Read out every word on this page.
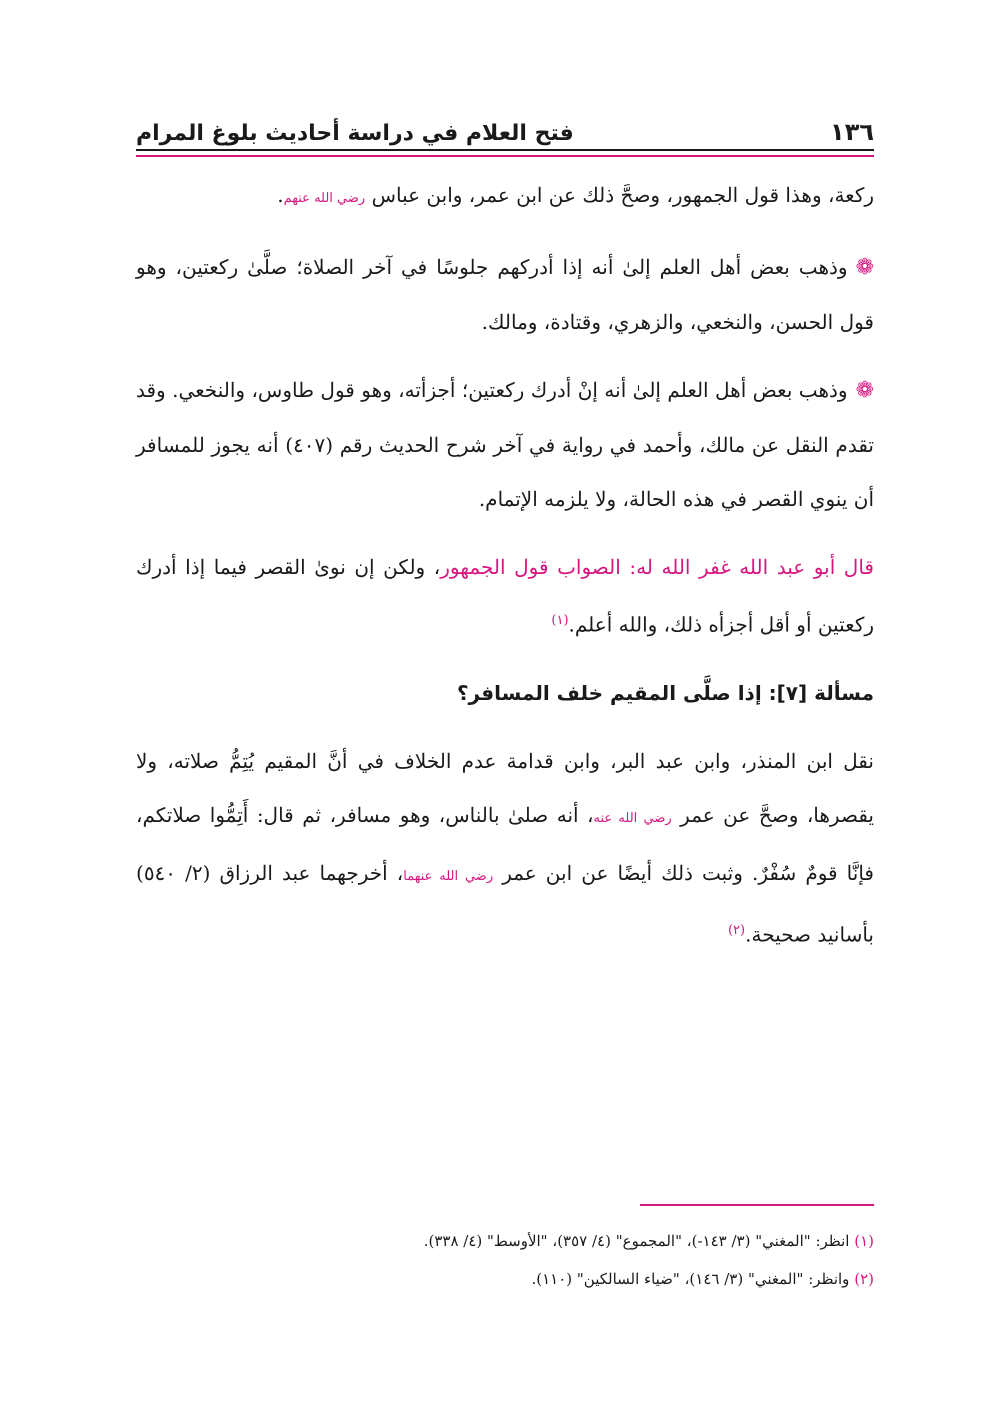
١٣٦
فتح العلام في دراسة أحاديث بلوغ المرام

ركعة، وهذا قول الجمهور، وصحَّ ذلك عن ابن عمر، وابن عباس رضي الله عنهم.

❁وذهب بعض أهل العلم إلىٰ أنه إذا أدركهم جلوسًا في آخر الصلاة؛ صلَّىٰ ركعتين، وهو قول الحسن، والنخعي، والزهري، وقتادة، ومالك.

❁وذهب بعض أهل العلم إلىٰ أنه إنْ أدرك ركعتين؛ أجزأته، وهو قول طاوس، والنخعي. وقد تقدم النقل عن مالك، وأحمد في رواية في آخر شرح الحديث رقم (٤٠٧) أنه يجوز للمسافر أن ينوي القصر في هذه الحالة، ولا يلزمه الإتمام.

قال أبو عبد الله غفر الله له: الصواب قول الجمهور، ولكن إن نوىٰ القصر فيما إذا أدرك ركعتين أو أقل أجزأه ذلك، والله أعلم.$^{(١)}$

مسألة [٧]: إذا صلَّى المقيم خلف المسافر؟

نقل ابن المنذر، وابن عبد البر، وابن قدامة عدم الخلاف في أنَّ المقيم يُتِمُّ صلاته، ولا يقصرها، وصحَّ عن عمر رضي الله عنه، أنه صلىٰ بالناس، وهو مسافر، ثم قال: أَتِمُّوا صلاتكم، فإنَّا قومٌ سُفْرٌ. وثبت ذلك أيضًا عن ابن عمر رضي الله عنهما، أخرجهما عبد الرزاق (٢/ ٥٤٠) بأسانيد صحيحة.$^{(٢)}$

(١) انظر: "المغني" (٣/ ١٤٣-)، "المجموع" (٤/ ٣٥٧)، "الأوسط" (٤/ ٣٣٨).

(٢) وانظر: "المغني" (٣/ ١٤٦)، "ضياء السالكين" (١١٠).
